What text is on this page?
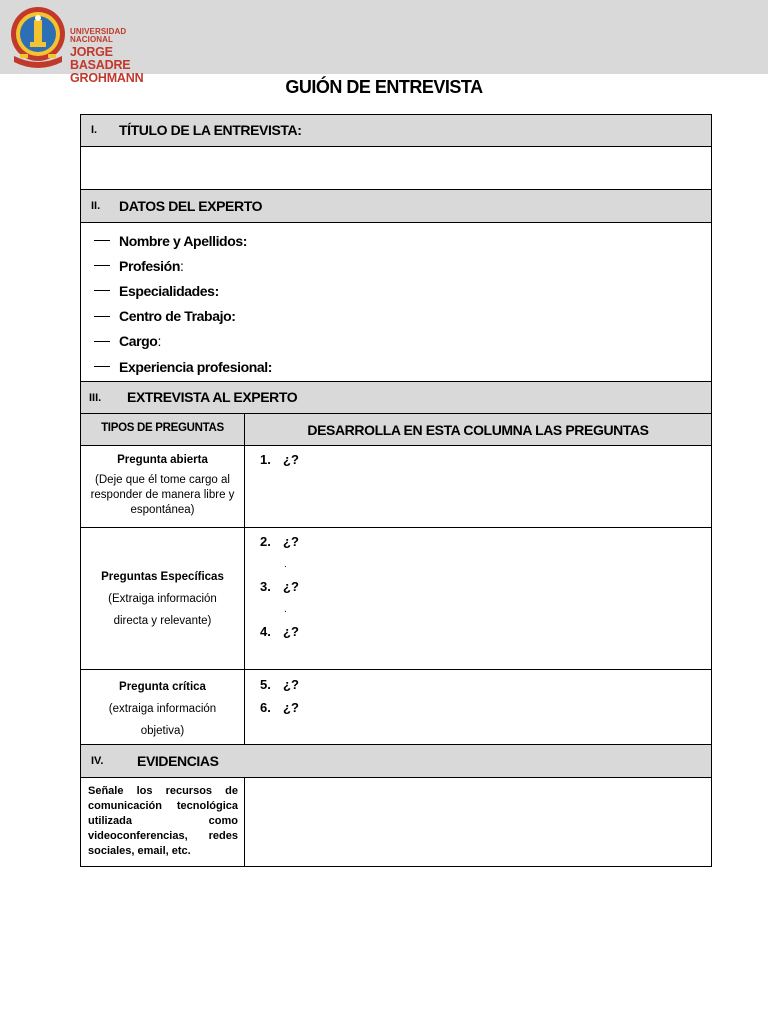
UNIVERSIDAD NACIONAL
JORGE BASADRE
GROHMANN	GUIÓN DE ENTREVISTA
I. TÍTULO DE LA ENTREVISTA:
II. DATOS DEL EXPERTO
Nombre y Apellidos:
Profesión :
Especialidades:
Centro de Trabajo:
Cargo :
Experiencia profesional:
III. EXTREVISTA AL EXPERTO
TIPOS DE PREGUNTAS	DESARROLLA EN ESTA COLUMNA LAS PREGUNTAS
Pregunta abierta
(Deje que él tome cargo al responder de manera libre y espontánea)
1. ¿?
Preguntas Específicas
(Extraiga información
directa y relevante)
2. ¿?
.
3. ¿?
.
4. ¿?
Pregunta crítica
(extraiga información
objetiva)
5. ¿?
6. ¿?
IV. EVIDENCIAS
Señale los recursos de comunicación tecnológica utilizada como videoconferencias, redes sociales, email, etc.
